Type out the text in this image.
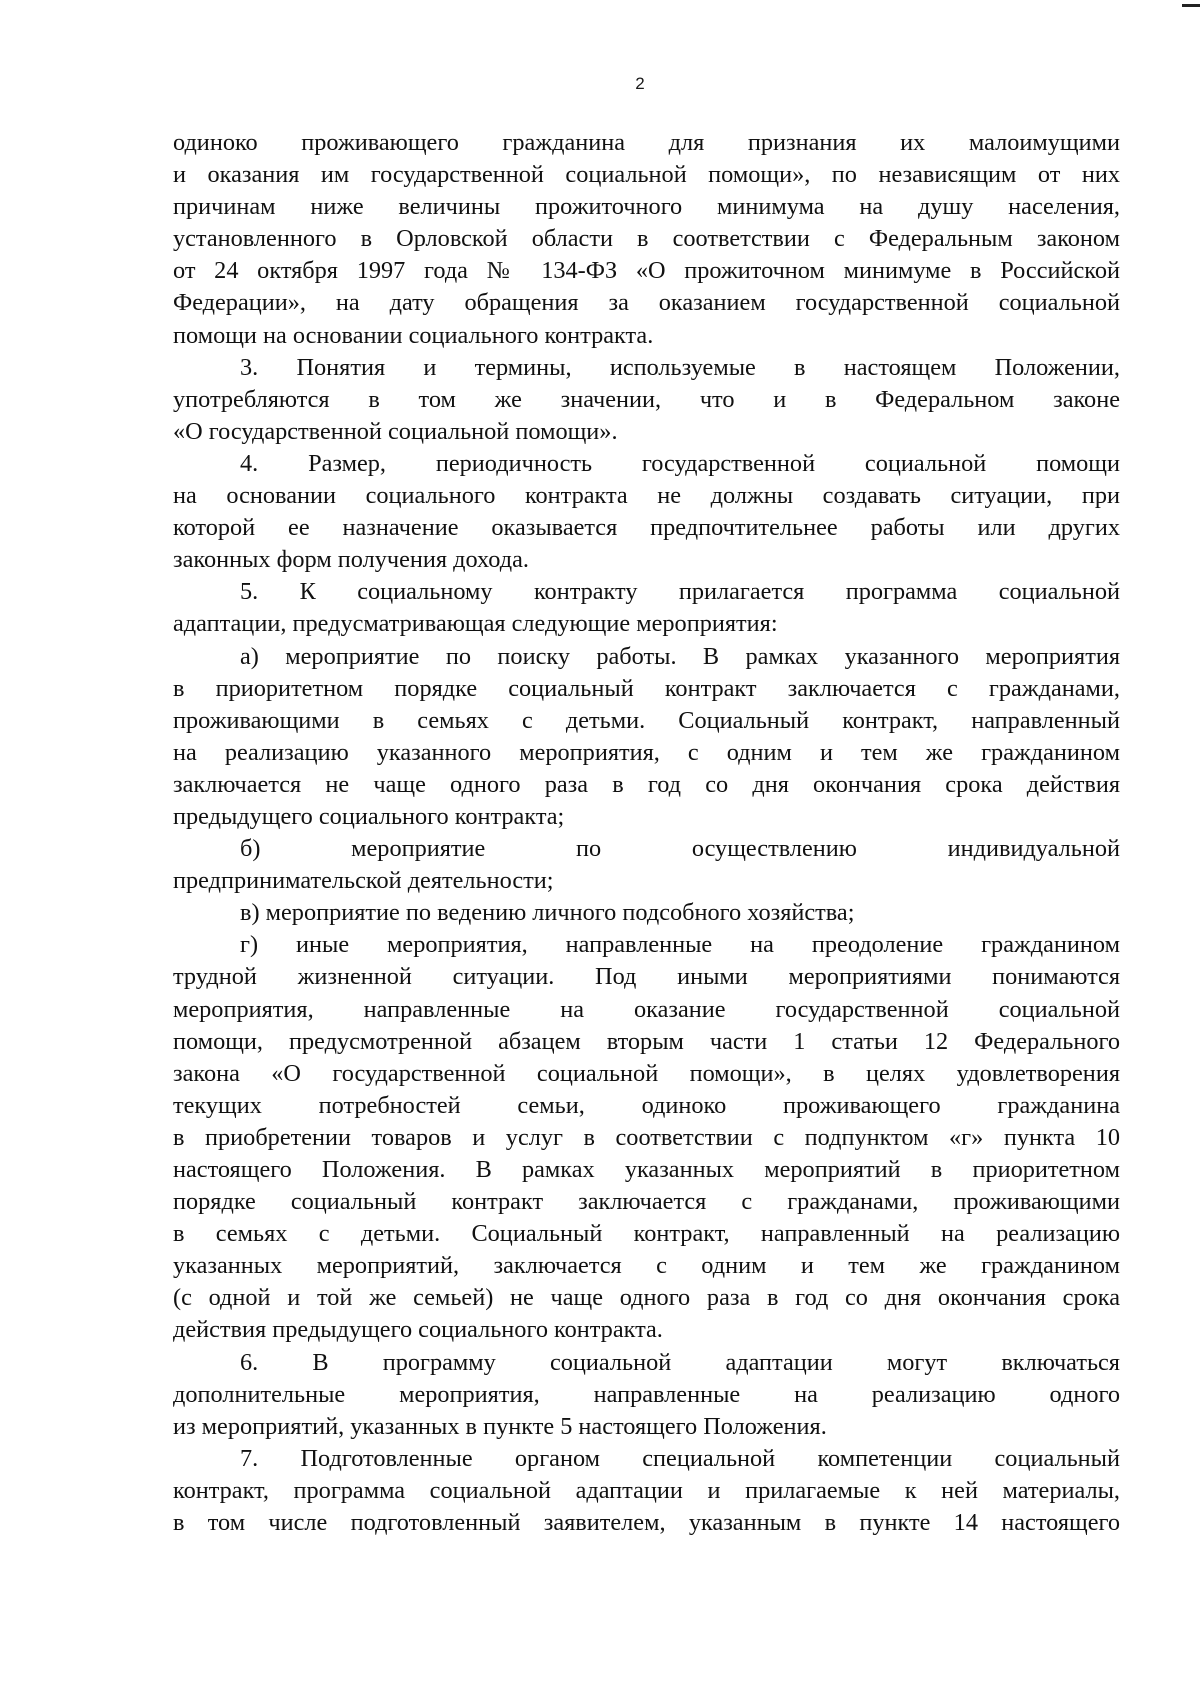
2
одиноко проживающего гражданина для признания их малоимущими
и оказания им государственной социальной помощи», по независящим от них
причинам ниже величины прожиточного минимума на душу населения,
установленного в Орловской области в соответствии с Федеральным законом
от 24 октября 1997 года № 134-ФЗ «О прожиточном минимуме в Российской
Федерации», на дату обращения за оказанием государственной социальной
помощи на основании социального контракта.
3. Понятия и термины, используемые в настоящем Положении,
употребляются в том же значении, что и в Федеральном законе
«О государственной социальной помощи».
4. Размер, периодичность государственной социальной помощи
на основании социального контракта не должны создавать ситуации, при
которой ее назначение оказывается предпочтительнее работы или других
законных форм получения дохода.
5. К социальному контракту прилагается программа социальной
адаптации, предусматривающая следующие мероприятия:
а) мероприятие по поиску работы. В рамках указанного мероприятия
в приоритетном порядке социальный контракт заключается с гражданами,
проживающими в семьях с детьми. Социальный контракт, направленный
на реализацию указанного мероприятия, с одним и тем же гражданином
заключается не чаще одного раза в год со дня окончания срока действия
предыдущего социального контракта;
б) мероприятие по осуществлению индивидуальной
предпринимательской деятельности;
в) мероприятие по ведению личного подсобного хозяйства;
г) иные мероприятия, направленные на преодоление гражданином
трудной жизненной ситуации. Под иными мероприятиями понимаются
мероприятия, направленные на оказание государственной социальной
помощи, предусмотренной абзацем вторым части 1 статьи 12 Федерального
закона «О государственной социальной помощи», в целях удовлетворения
текущих потребностей семьи, одиноко проживающего гражданина
в приобретении товаров и услуг в соответствии с подпунктом «г» пункта 10
настоящего Положения. В рамках указанных мероприятий в приоритетном
порядке социальный контракт заключается с гражданами, проживающими
в семьях с детьми. Социальный контракт, направленный на реализацию
указанных мероприятий, заключается с одним и тем же гражданином
(с одной и той же семьей) не чаще одного раза в год со дня окончания срока
действия предыдущего социального контракта.
6. В программу социальной адаптации могут включаться
дополнительные мероприятия, направленные на реализацию одного
из мероприятий, указанных в пункте 5 настоящего Положения.
7. Подготовленные органом специальной компетенции социальный
контракт, программа социальной адаптации и прилагаемые к ней материалы,
в том числе подготовленный заявителем, указанным в пункте 14 настоящего
